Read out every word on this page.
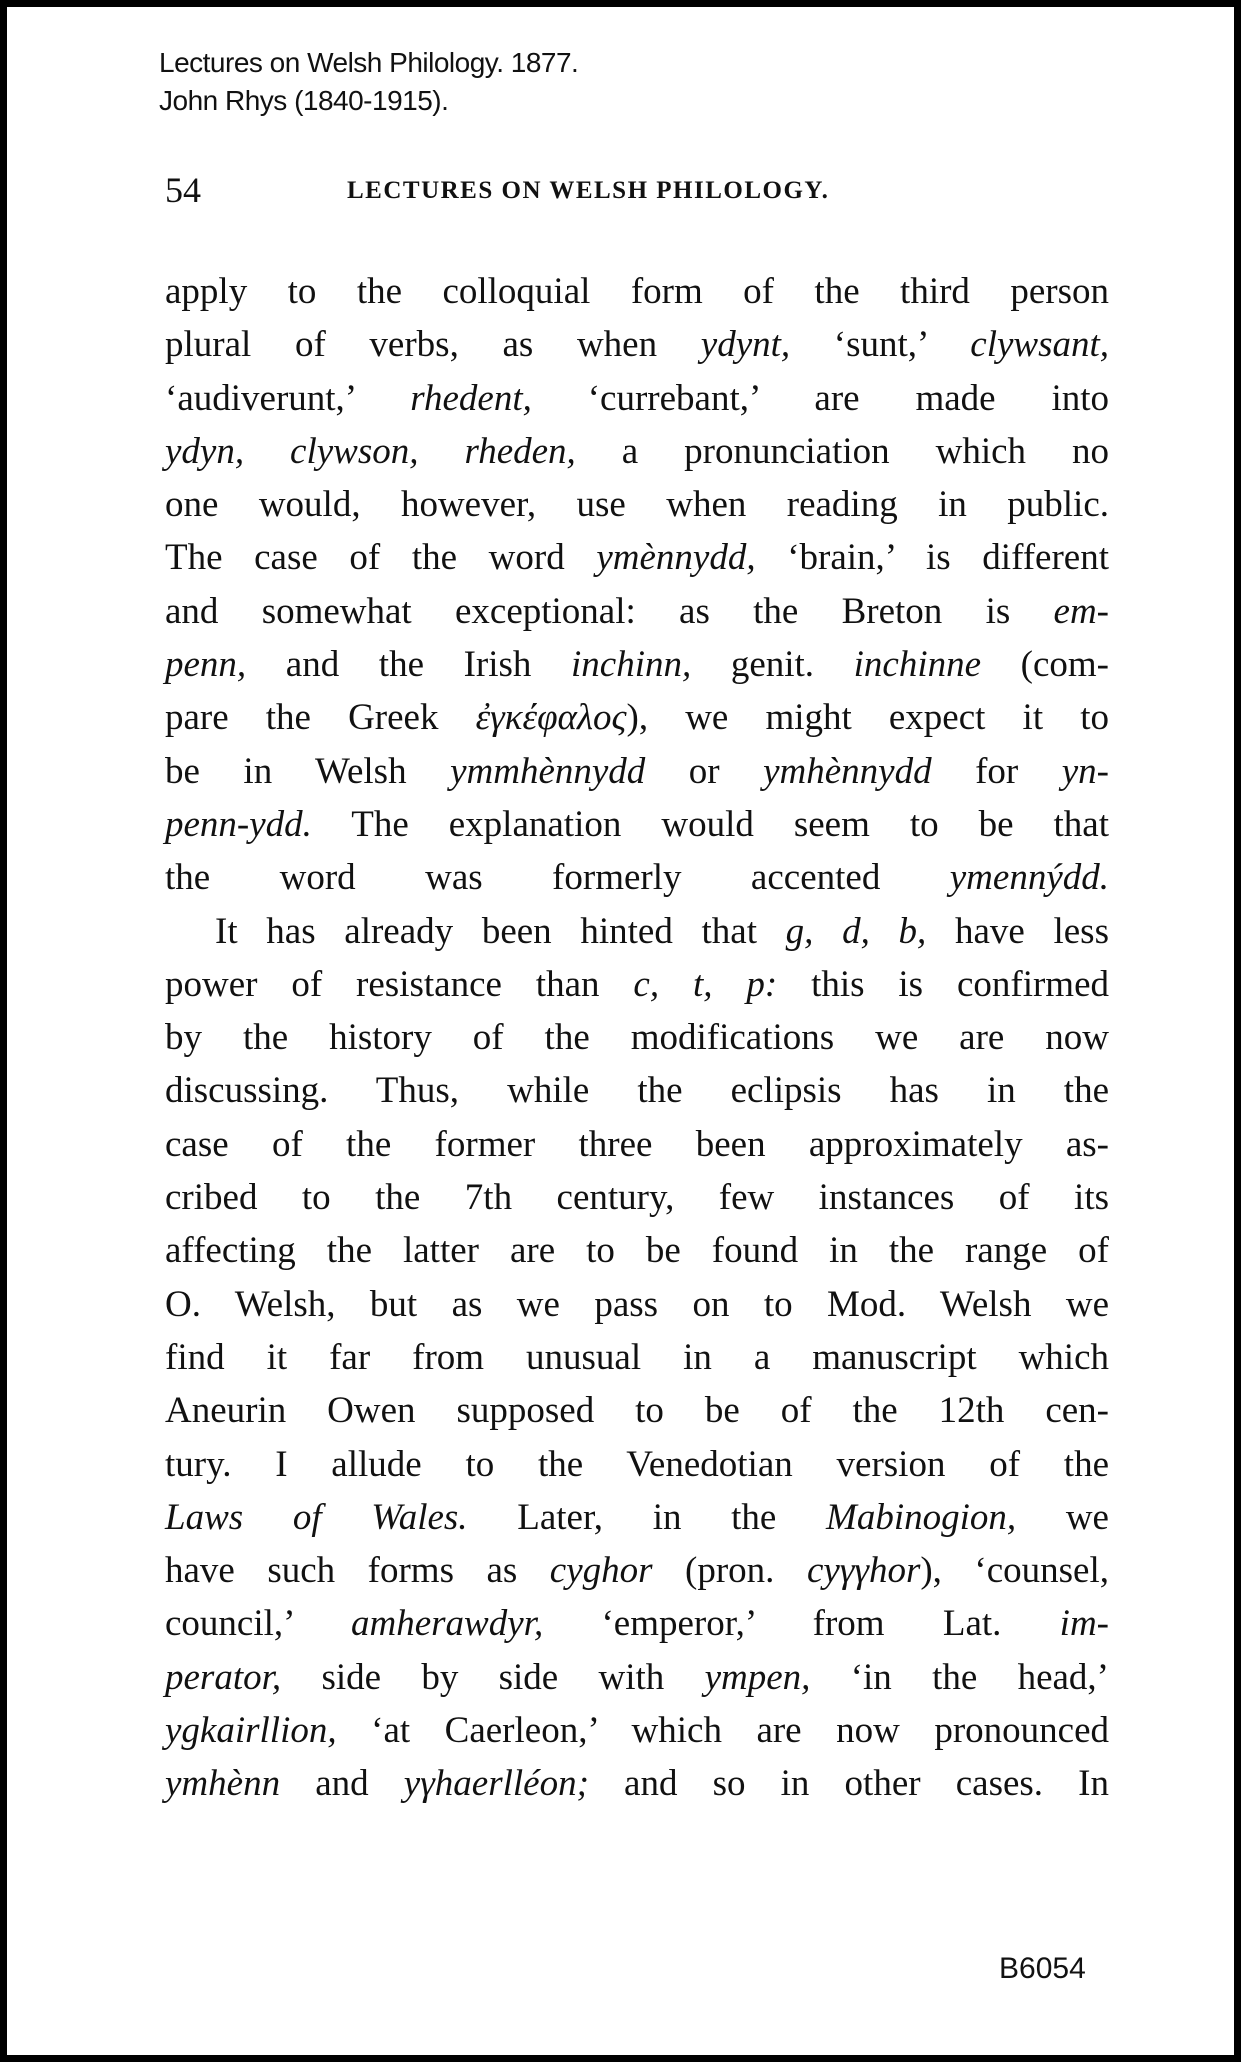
Lectures on Welsh Philology. 1877.
John Rhys (1840-1915).
54	LECTURES ON WELSH PHILOLOGY.
apply to the colloquial form of the third person
plural of verbs, as when ydynt, ‘sunt,’ clywsant,
‘audiverunt,’ rhedent, ‘currebant,’ are made into
ydyn, clywson, rheden, a pronunciation which no
one would, however, use when reading in public.
The case of the word ymènnydd, ‘brain,’ is different
and somewhat exceptional: as the Breton is em-
penn, and the Irish inchinn, genit. inchinne (com-
pare the Greek ἐγκέφαλος), we might expect it to
be in Welsh ymmhènnydd or ymhènnydd for yn-
penn-ydd. The explanation would seem to be that
the word was formerly accented ymennýdd.
It has already been hinted that g, d, b, have less
power of resistance than c, t, p: this is confirmed
by the history of the modifications we are now
discussing. Thus, while the eclipsis has in the
case of the former three been approximately as-
cribed to the 7th century, few instances of its
affecting the latter are to be found in the range of
O. Welsh, but as we pass on to Mod. Welsh we
find it far from unusual in a manuscript which
Aneurin Owen supposed to be of the 12th cen-
tury. I allude to the Venedotian version of the
Laws of Wales. Later, in the Mabinogion, we
have such forms as cyghor (pron. cyγγhor), ‘counsel,
council,’ amherawdyr, ‘emperor,’ from Lat. im-
perator, side by side with ympen, ‘in the head,’
ygkairllion, ‘at Caerleon,’ which are now pronounced
ymhènn and yγhaerlléon; and so in other cases. In
B6054
